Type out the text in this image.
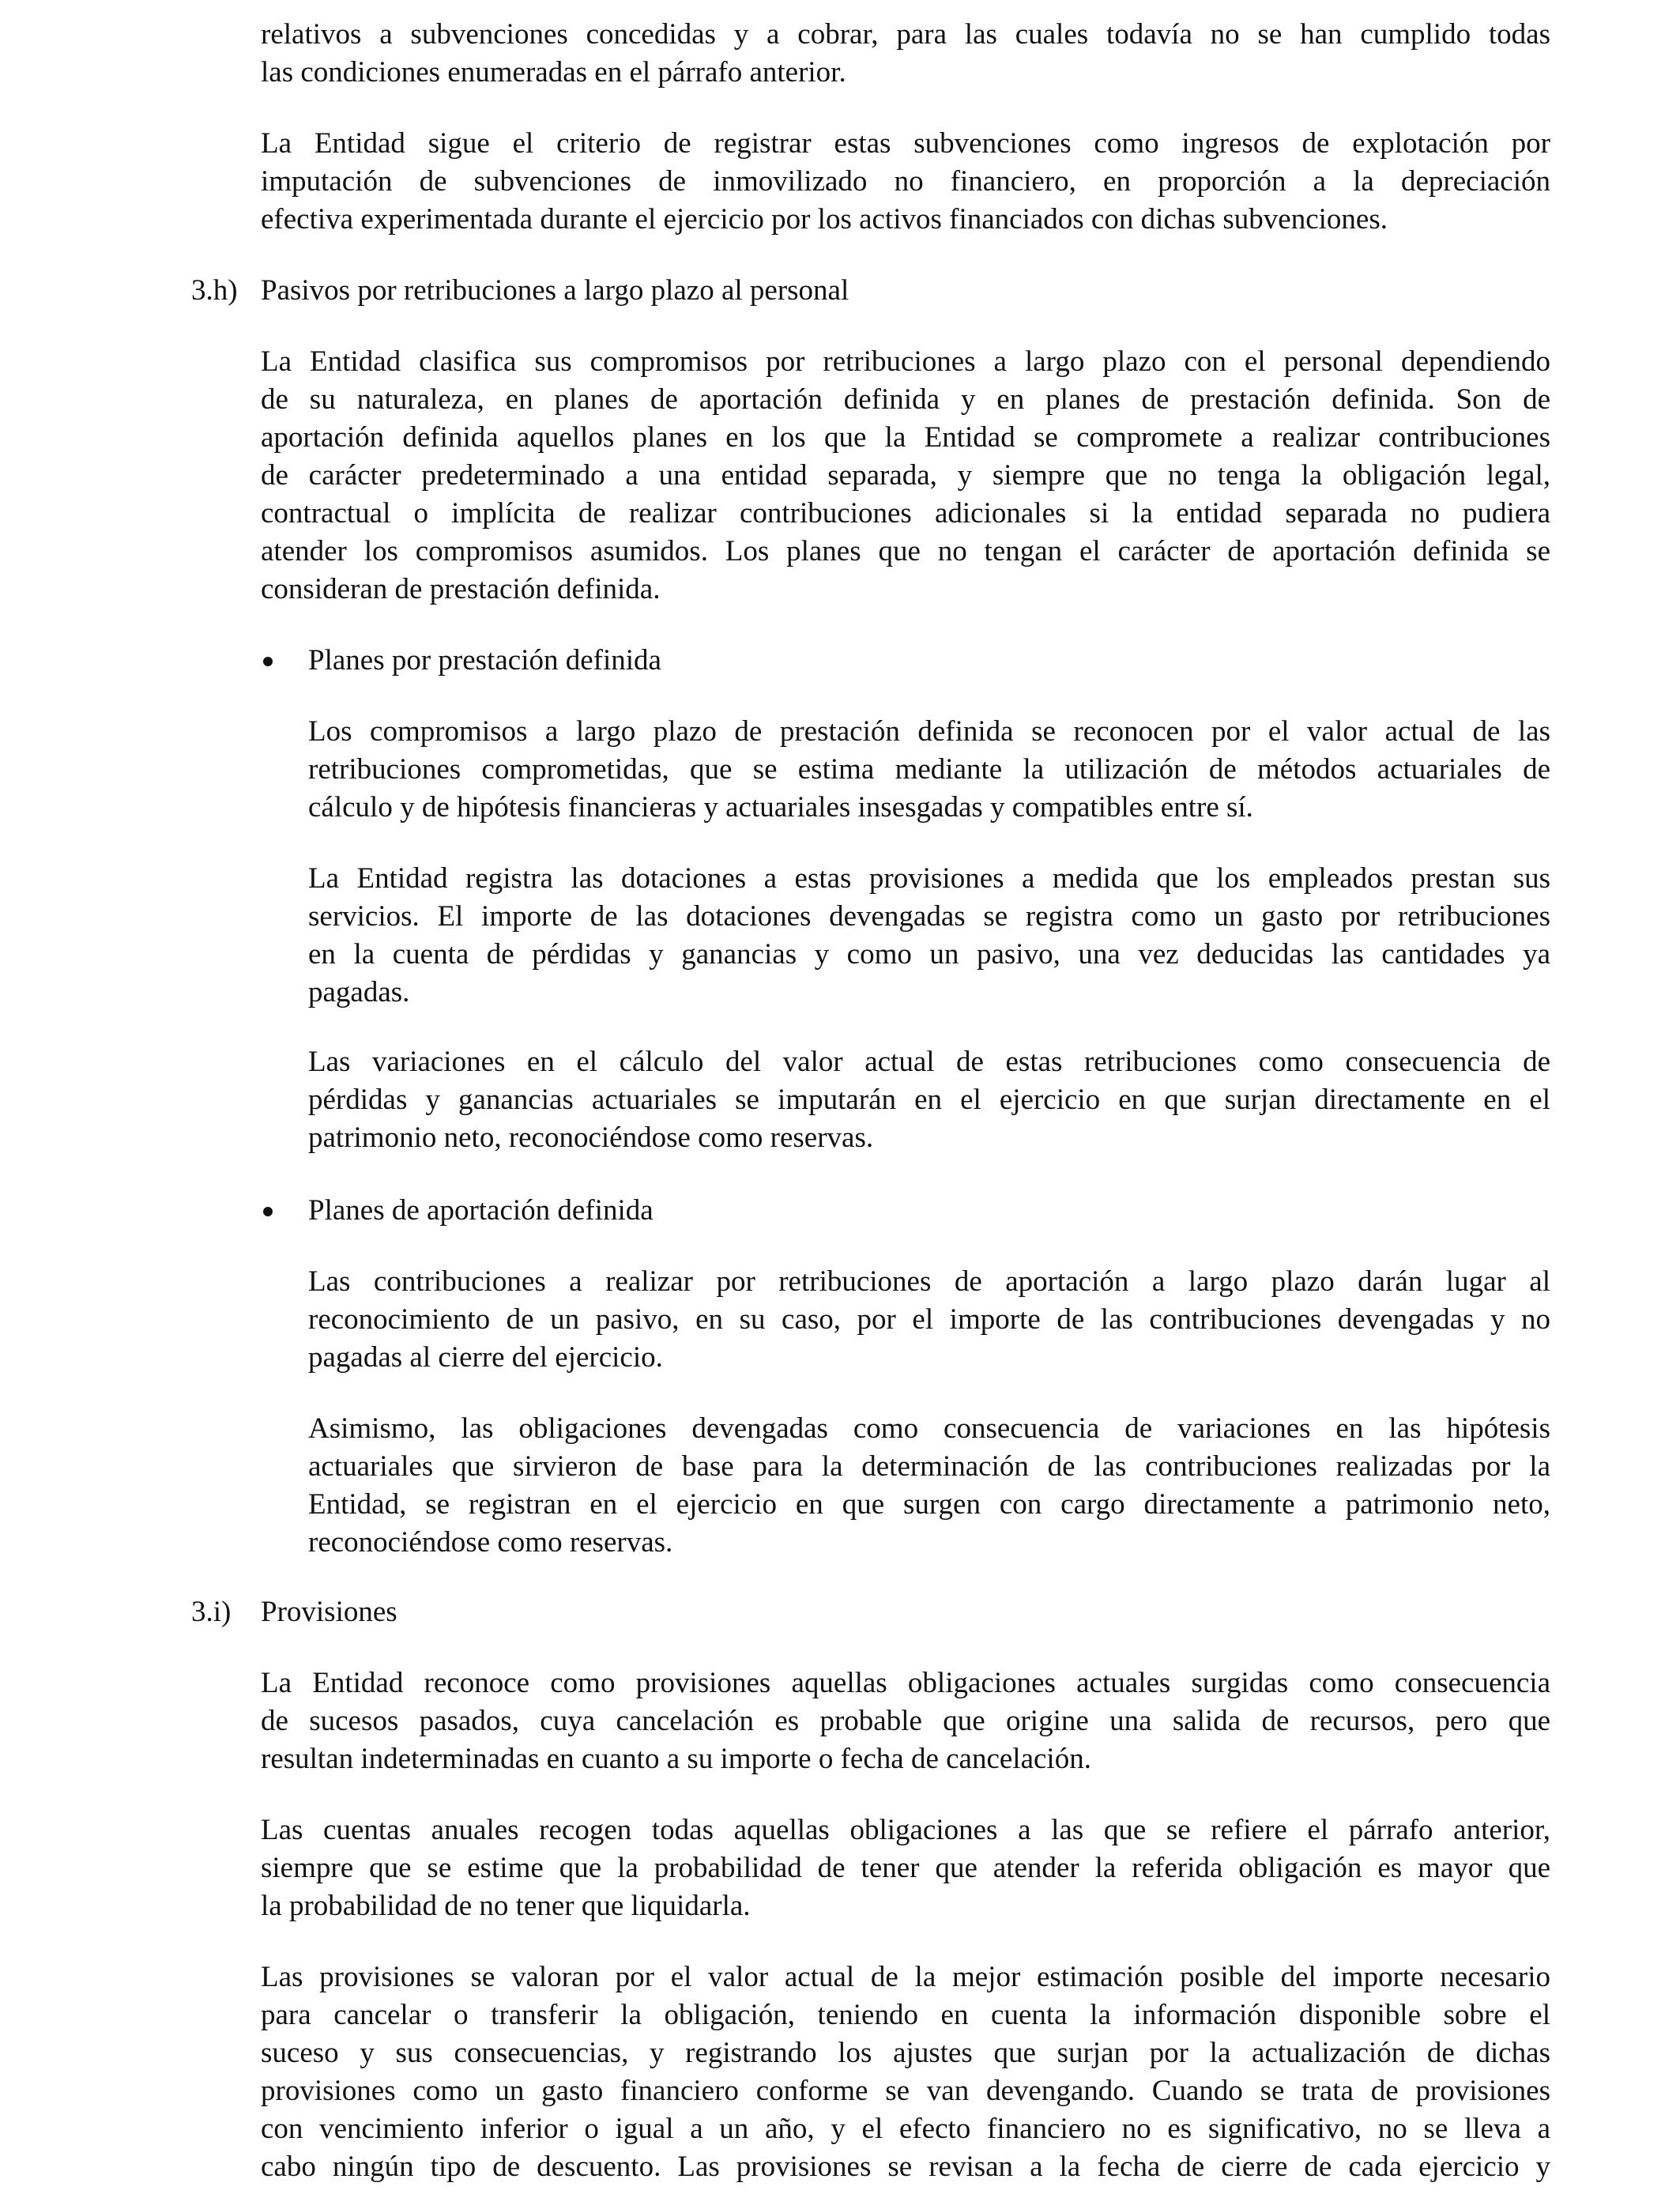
relativos a subvenciones concedidas y a cobrar, para las cuales todavía no se han cumplido todas
las condiciones enumeradas en el párrafo anterior.
La Entidad sigue el criterio de registrar estas subvenciones como ingresos de explotación por
imputación de subvenciones de inmovilizado no financiero, en proporción a la depreciación
efectiva experimentada durante el ejercicio por los activos financiados con dichas subvenciones.
3.h) Pasivos por retribuciones a largo plazo al personal
La Entidad clasifica sus compromisos por retribuciones a largo plazo con el personal dependiendo
de su naturaleza, en planes de aportación definida y en planes de prestación definida. Son de
aportación definida aquellos planes en los que la Entidad se compromete a realizar contribuciones
de carácter predeterminado a una entidad separada, y siempre que no tenga la obligación legal,
contractual o implícita de realizar contribuciones adicionales si la entidad separada no pudiera
atender los compromisos asumidos. Los planes que no tengan el carácter de aportación definida se
consideran de prestación definida.
Planes por prestación definida
Los compromisos a largo plazo de prestación definida se reconocen por el valor actual de las
retribuciones comprometidas, que se estima mediante la utilización de métodos actuariales de
cálculo y de hipótesis financieras y actuariales insesgadas y compatibles entre sí.
La Entidad registra las dotaciones a estas provisiones a medida que los empleados prestan sus
servicios. El importe de las dotaciones devengadas se registra como un gasto por retribuciones
en la cuenta de pérdidas y ganancias y como un pasivo, una vez deducidas las cantidades ya
pagadas.
Las variaciones en el cálculo del valor actual de estas retribuciones como consecuencia de
pérdidas y ganancias actuariales se imputarán en el ejercicio en que surjan directamente en el
patrimonio neto, reconociéndose como reservas.
Planes de aportación definida
Las contribuciones a realizar por retribuciones de aportación a largo plazo darán lugar al
reconocimiento de un pasivo, en su caso, por el importe de las contribuciones devengadas y no
pagadas al cierre del ejercicio.
Asimismo, las obligaciones devengadas como consecuencia de variaciones en las hipótesis
actuariales que sirvieron de base para la determinación de las contribuciones realizadas por la
Entidad, se registran en el ejercicio en que surgen con cargo directamente a patrimonio neto,
reconociéndose como reservas.
3.i) Provisiones
La Entidad reconoce como provisiones aquellas obligaciones actuales surgidas como consecuencia
de sucesos pasados, cuya cancelación es probable que origine una salida de recursos, pero que
resultan indeterminadas en cuanto a su importe o fecha de cancelación.
Las cuentas anuales recogen todas aquellas obligaciones a las que se refiere el párrafo anterior,
siempre que se estime que la probabilidad de tener que atender la referida obligación es mayor que
la probabilidad de no tener que liquidarla.
Las provisiones se valoran por el valor actual de la mejor estimación posible del importe necesario
para cancelar o transferir la obligación, teniendo en cuenta la información disponible sobre el
suceso y sus consecuencias, y registrando los ajustes que surjan por la actualización de dichas
provisiones como un gasto financiero conforme se van devengando. Cuando se trata de provisiones
con vencimiento inferior o igual a un año, y el efecto financiero no es significativo, no se lleva a
cabo ningún tipo de descuento. Las provisiones se revisan a la fecha de cierre de cada ejercicio y
